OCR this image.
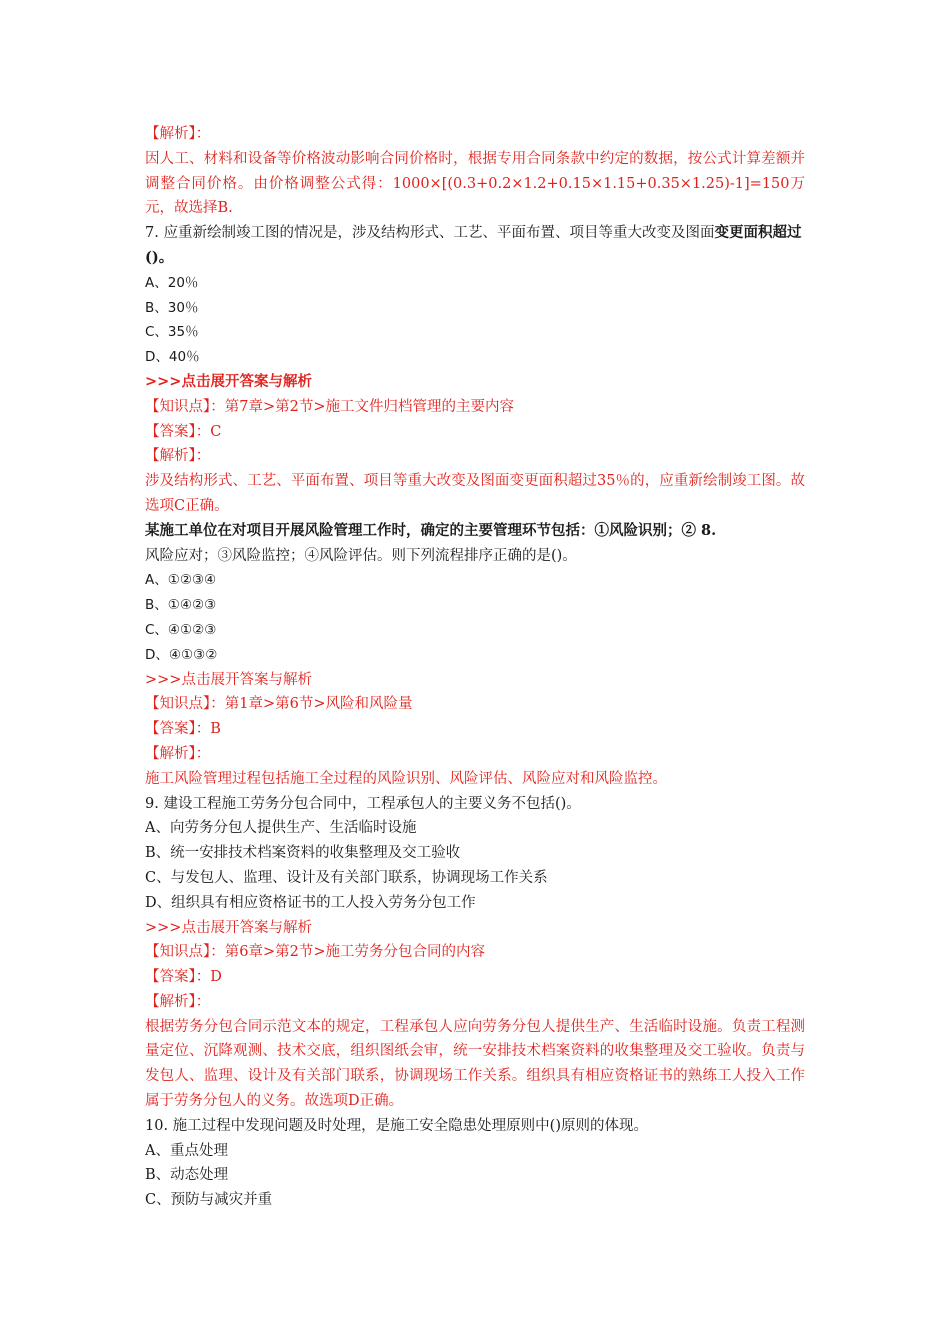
【解析】：
因人工、材料和设备等价格波动影响合同价格时，根据专用合同条款中约定的数据，按公式计算差额并调整合同价格。由价格调整公式得：1000×[(0.3+0.2×1.2+0.15×1.15+0.35×1.25)-1]=150万元，故选择B.
7. 应重新绘制竣工图的情况是，涉及结构形式、工艺、平面布置、项目等重大改变及图面变更面积超过()。
A、20％
B、30％
C、35％
D、40％
>>>点击展开答案与解析
【知识点】：第7章>第2节>施工文件归档管理的主要内容
【答案】：C
【解析】：
涉及结构形式、工艺、平面布置、项目等重大改变及图面变更面积超过35％的，应重新绘制竣工图。故选项C正确。
某施工单位在对项目开展风险管理工作时，确定的主要管理环节包括：①风险识别；② 8.
风险应对；③风险监控；④风险评估。则下列流程排序正确的是()。
A、①②③④
B、①④②③
C、④①②③
D、④①③②
>>>点击展开答案与解析
【知识点】：第1章>第6节>风险和风险量
【答案】：B
【解析】：
施工风险管理过程包括施工全过程的风险识别、风险评估、风险应对和风险监控。
9. 建设工程施工劳务分包合同中，工程承包人的主要义务不包括()。
A、向劳务分包人提供生产、生活临时设施
B、统一安排技术档案资料的收集整理及交工验收
C、与发包人、监理、设计及有关部门联系，协调现场工作关系
D、组织具有相应资格证书的工人投入劳务分包工作
>>>点击展开答案与解析
【知识点】：第6章>第2节>施工劳务分包合同的内容
【答案】：D
【解析】：
根据劳务分包合同示范文本的规定，工程承包人应向劳务分包人提供生产、生活临时设施。负责工程测量定位、沉降观测、技术交底，组织图纸会审，统一安排技术档案资料的收集整理及交工验收。负责与发包人、监理、设计及有关部门联系，协调现场工作关系。组织具有相应资格证书的熟练工人投入工作属于劳务分包人的义务。故选项D正确。
10. 施工过程中发现问题及时处理，是施工安全隐患处理原则中()原则的体现。
A、重点处理
B、动态处理
C、预防与减灾并重
